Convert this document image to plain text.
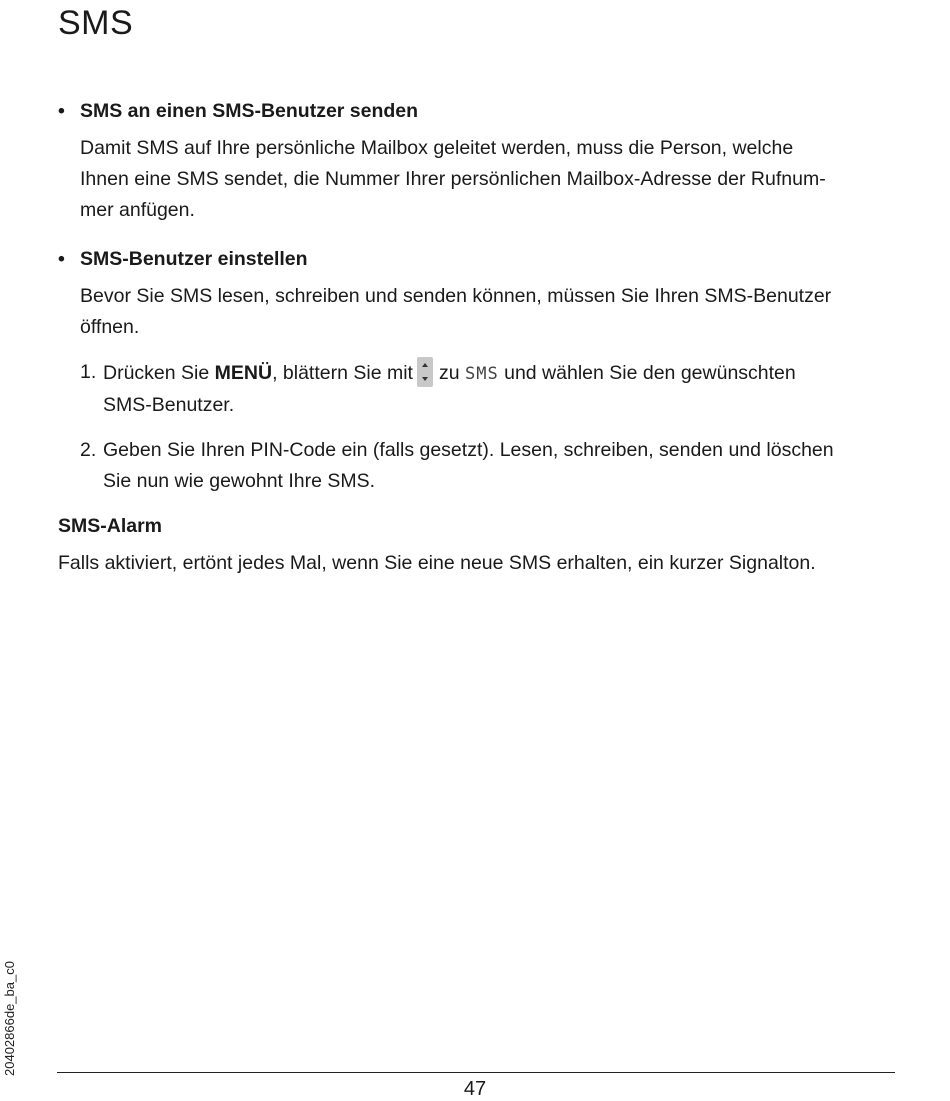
SMS

• SMS an einen SMS-Benutzer senden

Damit SMS auf Ihre persönliche Mailbox geleitet werden, muss die Person, welche
Ihnen eine SMS sendet, die Nummer Ihrer persönlichen Mailbox-Adresse der Rufnum-
mer anfügen.

• SMS-Benutzer einstellen

Bevor Sie SMS lesen, schreiben und senden können, müssen Sie Ihren SMS-Benutzer
öffnen.

1. Drücken Sie MENÜ, blättern Sie mit zu SMS und wählen Sie den gewünschten
SMS-Benutzer.
2. Geben Sie Ihren PIN-Code ein (falls gesetzt). Lesen, schreiben, senden und löschen
Sie nun wie gewohnt Ihre SMS.

SMS-Alarm

Falls aktiviert, ertönt jedes Mal, wenn Sie eine neue SMS erhalten, ein kurzer Signalton.

20402866de_ba_c0
47
